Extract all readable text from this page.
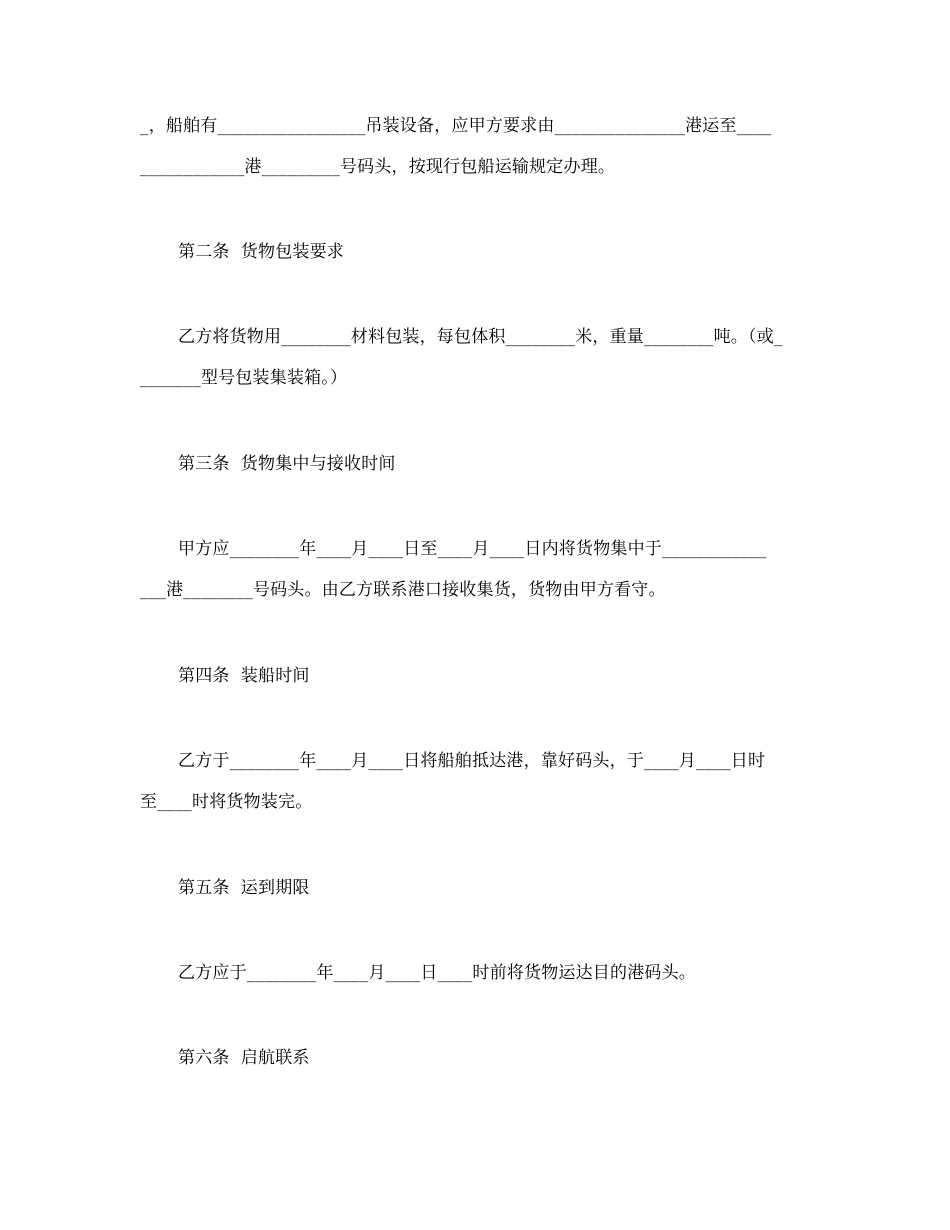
_，船舶有_________________吊装设备，应甲方要求由_______________港运至____
____________港_________号码头，按现行包船运输规定办理。
第二条  货物包装要求
乙方将货物用________材料包装，每包体积________米，重量________吨。（或_
_______型号包装集装箱。）
第三条  货物集中与接收时间
甲方应________年____月____日至____月____日内将货物集中于____________
___港________号码头。由乙方联系港口接收集货，货物由甲方看守。
第四条  装船时间
乙方于________年____月____日将船舶抵达港，靠好码头，于____月____日时
至____时将货物装完。
第五条  运到期限
乙方应于________年____月____日____时前将货物运达目的港码头。
第六条  启航联系
